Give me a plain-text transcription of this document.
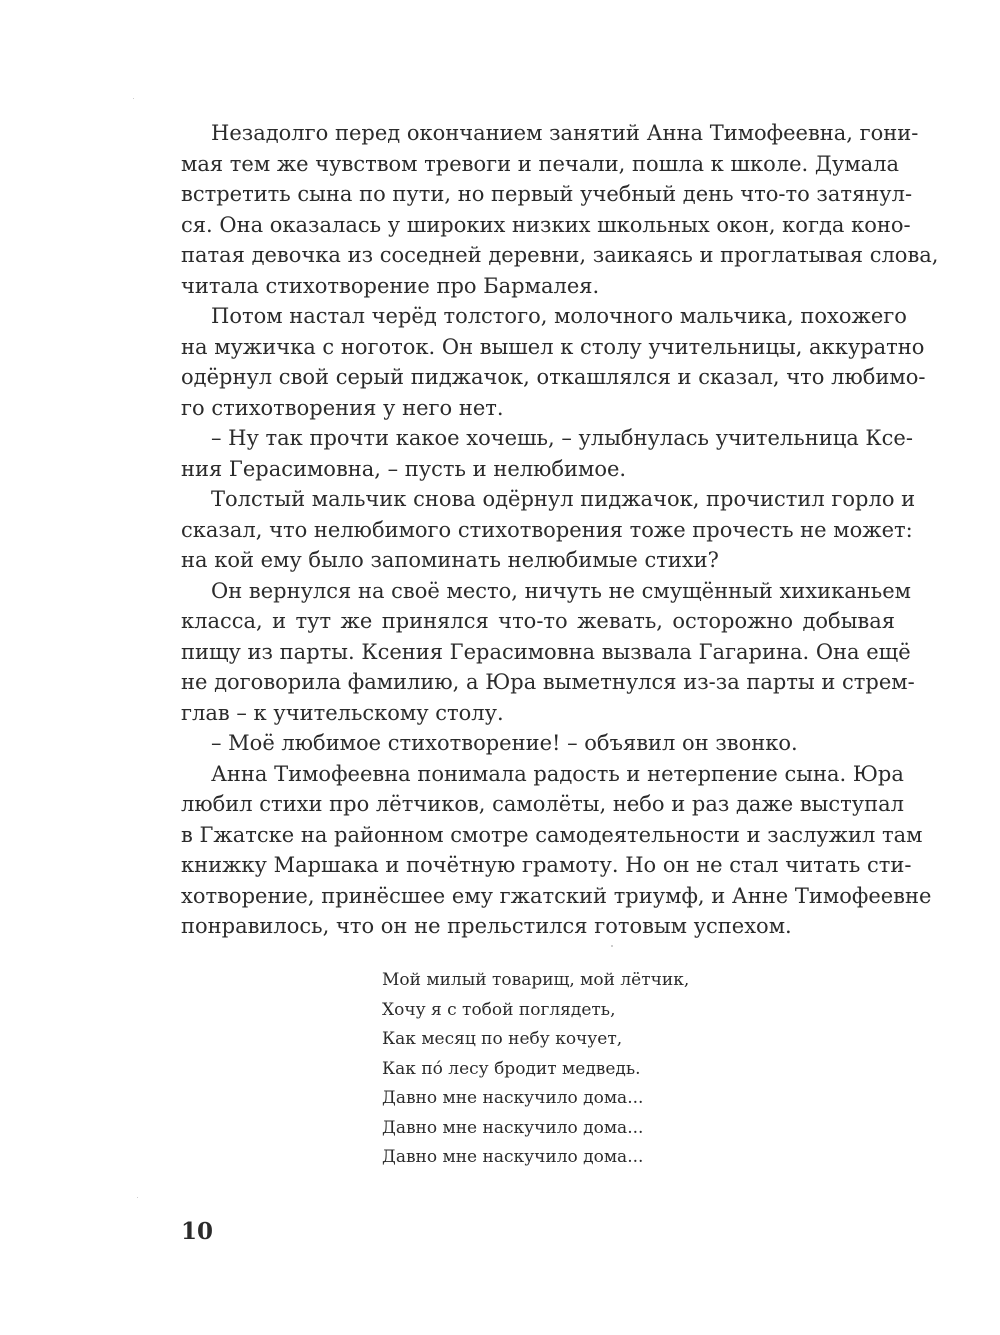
Незадолго перед окончанием занятий Анна Тимофеевна, гони-
мая тем же чувством тревоги и печали, пошла к школе. Думала
встретить сына по пути, но первый учебный день что-то затянул-
ся. Она оказалась у широких низких школьных окон, когда коно-
патая девочка из соседней деревни, заикаясь и проглатывая слова,
читала стихотворение про Бармалея.
Потом настал черёд толстого, молочного мальчика, похожего
на мужичка с ноготок. Он вышел к столу учительницы, аккуратно
одёрнул свой серый пиджачок, откашлялся и сказал, что любимо-
го стихотворения у него нет.
– Ну так прочти какое хочешь, – улыбнулась учительница Ксе-
ния Герасимовна, – пусть и нелюбимое.
Толстый мальчик снова одёрнул пиджачок, прочистил горло и
сказал, что нелюбимого стихотворения тоже прочесть не может:
на кой ему было запоминать нелюбимые стихи?
Он вернулся на своё место, ничуть не смущённый хихиканьем
класса, и тут же принялся что-то жевать, осторожно добывая
пищу из парты. Ксения Герасимовна вызвала Гагарина. Она ещё
не договорила фамилию, а Юра выметнулся из-за парты и стрем-
глав – к учительскому столу.
– Моё любимое стихотворение! – объявил он звонко.
Анна Тимофеевна понимала радость и нетерпение сына. Юра
любил стихи про лётчиков, самолёты, небо и раз даже выступал
в Гжатске на районном смотре самодеятельности и заслужил там
книжку Маршака и почётную грамоту. Но он не стал читать сти-
хотворение, принёсшее ему гжатский триумф, и Анне Тимофеевне
понравилось, что он не прельстился готовым успехом.
Мой милый товарищ, мой лётчик,
Хочу я с тобой поглядеть,
Как месяц по небу кочует,
Как по́ лесу бродит медведь.
Давно мне наскучило дома...
Давно мне наскучило дома...
Давно мне наскучило дома...
10
